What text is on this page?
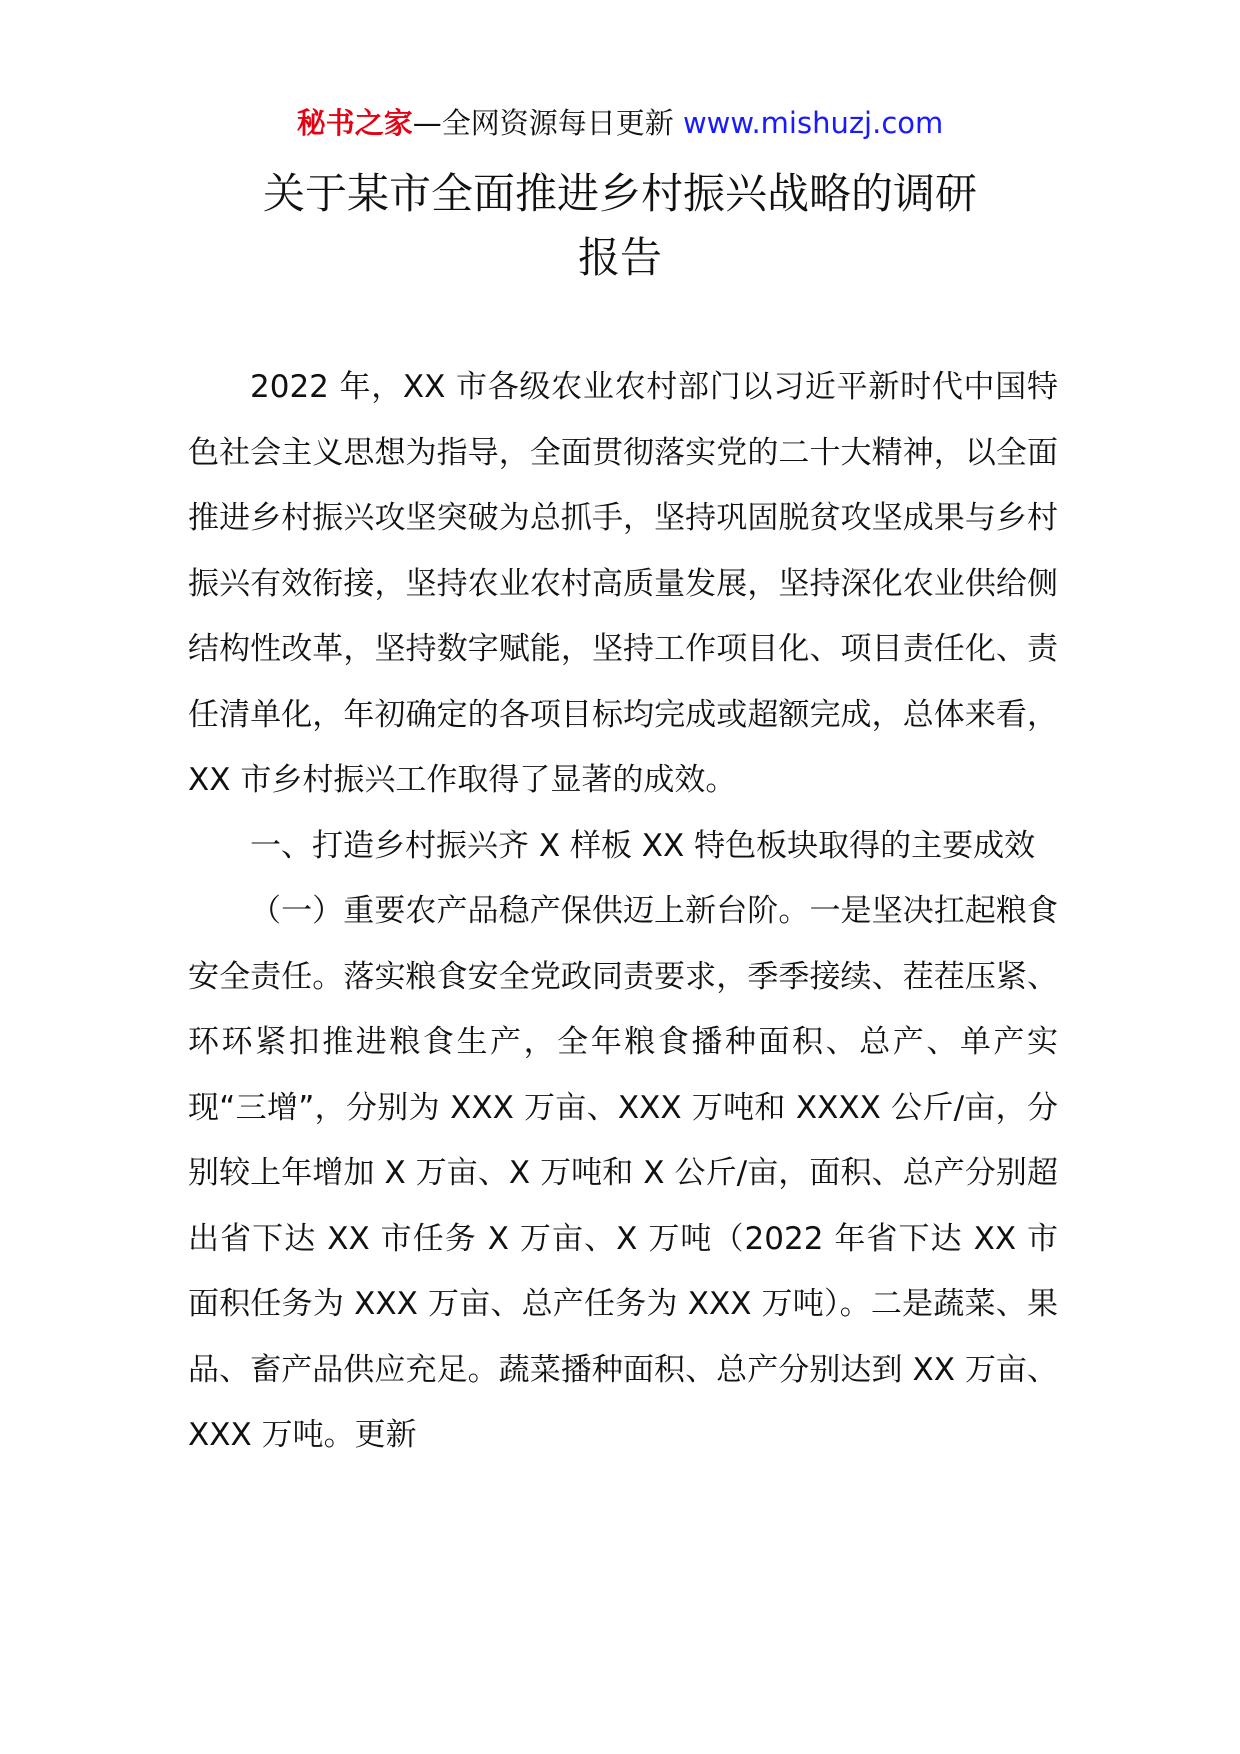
秘书之家—全网资源每日更新 www.mishuzj.com
关于某市全面推进乡村振兴战略的调研
报告

2022 年，XX 市各级农业农村部门以习近平新时代中国特色社会主义思想为指导，全面贯彻落实党的二十大精神，以全面推进乡村振兴攻坚突破为总抓手，坚持巩固脱贫攻坚成果与乡村振兴有效衔接，坚持农业农村高质量发展，坚持深化农业供给侧结构性改革，坚持数字赋能，坚持工作项目化、项目责任化、责任清单化，年初确定的各项目标均完成或超额完成，总体来看，XX 市乡村振兴工作取得了显著的成效。

一、打造乡村振兴齐 X 样板 XX 特色板块取得的主要成效

（一）重要农产品稳产保供迈上新台阶。一是坚决扛起粮食安全责任。落实粮食安全党政同责要求，季季接续、茬茬压紧、环环紧扣推进粮食生产，全年粮食播种面积、总产、单产实现“三增”，分别为 XXX 万亩、XXX 万吨和 XXXX 公斤/亩，分别较上年增加 X 万亩、X 万吨和 X 公斤/亩，面积、总产分别超出省下达 XX 市任务 X 万亩、X 万吨（2022 年省下达 XX 市面积任务为 XXX 万亩、总产任务为 XXX 万吨）。二是蔬菜、果品、畜产品供应充足。蔬菜播种面积、总产分别达到 XX 万亩、XXX 万吨。更新
